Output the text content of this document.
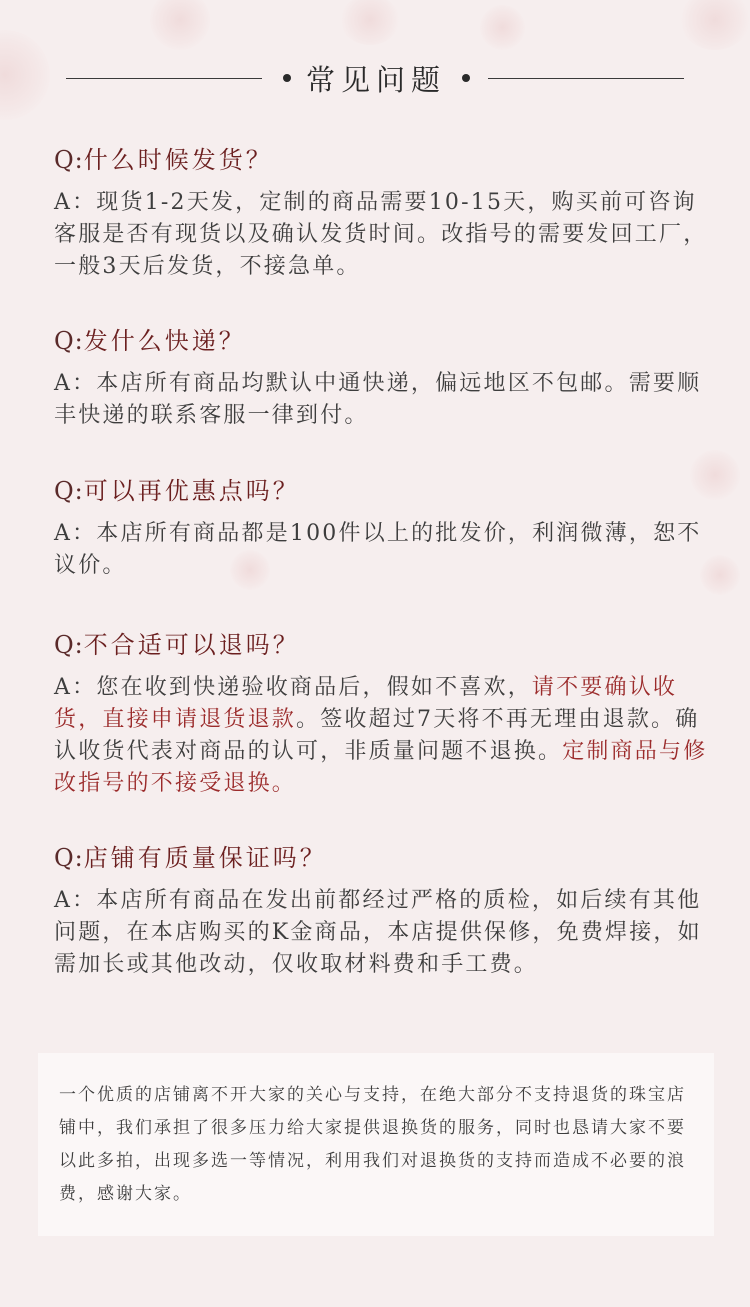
常见问题
Q:什么时候发货？
A：现货1-2天发，定制的商品需要10-15天，购买前可咨询客服是否有现货以及确认发货时间。改指号的需要发回工厂，一般3天后发货，不接急单。
Q:发什么快递？
A：本店所有商品均默认中通快递，偏远地区不包邮。需要顺丰快递的联系客服一律到付。
Q:可以再优惠点吗？
A：本店所有商品都是100件以上的批发价，利润微薄，恕不议价。
Q:不合适可以退吗？
A：您在收到快递验收商品后，假如不喜欢，请不要确认收货，直接申请退货退款。签收超过7天将不再无理由退款。确认收货代表对商品的认可，非质量问题不退换。定制商品与修改指号的不接受退换。
Q:店铺有质量保证吗？
A：本店所有商品在发出前都经过严格的质检，如后续有其他问题，在本店购买的K金商品，本店提供保修，免费焊接，如需加长或其他改动，仅收取材料费和手工费。

一个优质的店铺离不开大家的关心与支持，在绝大部分不支持退货的珠宝店铺中，我们承担了很多压力给大家提供退换货的服务，同时也恳请大家不要以此多拍，出现多选一等情况，利用我们对退换货的支持而造成不必要的浪费，感谢大家。
